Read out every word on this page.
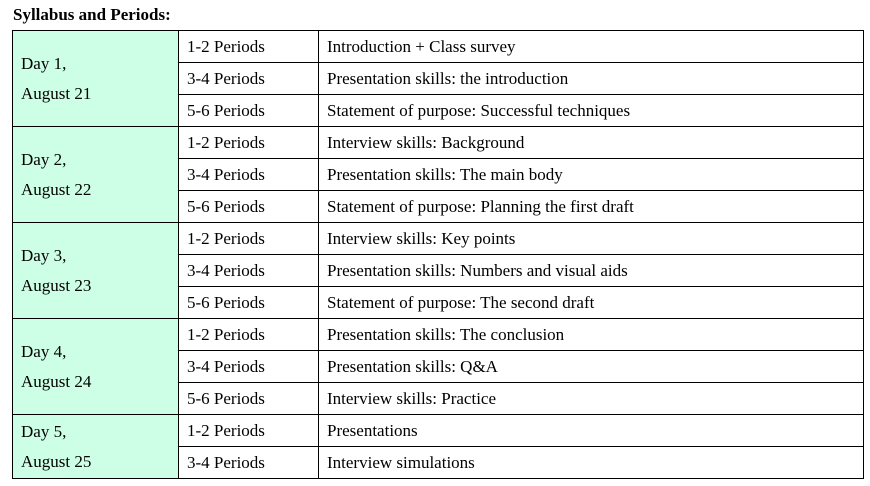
Syllabus and Periods:
Day 1,
August 21	1-2 Periods	Introduction + Class survey
	3-4 Periods	Presentation skills: the introduction
	5-6 Periods	Statement of purpose: Successful techniques

Day 2,
August 22	1-2 Periods	Interview skills: Background
	3-4 Periods	Presentation skills: The main body
	5-6 Periods	Statement of purpose: Planning the first draft

Day 3,
August 23	1-2 Periods	Interview skills: Key points
	3-4 Periods	Presentation skills: Numbers and visual aids
	5-6 Periods	Statement of purpose: The second draft

Day 4,
August 24	1-2 Periods	Presentation skills: The conclusion
	3-4 Periods	Presentation skills: Q&A
	5-6 Periods	Interview skills: Practice

Day 5,
August 25	1-2 Periods	Presentations
	3-4 Periods	Interview simulations
